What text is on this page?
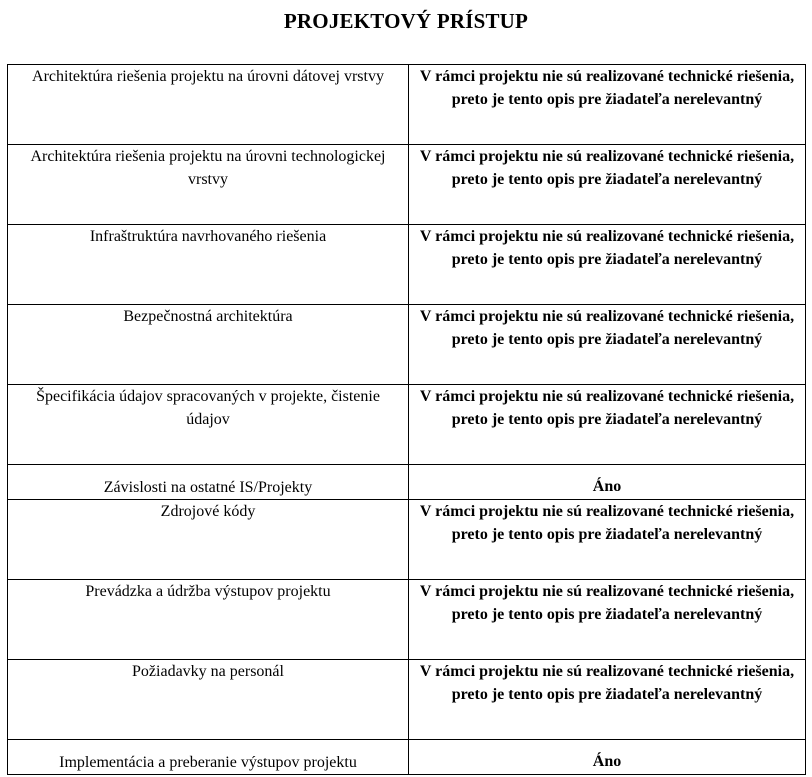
PROJEKTOVÝ PRÍSTUP
Architektúra riešenia projektu na úrovni dátovej vrstvy	V rámci projektu nie sú realizované technické riešenia, preto je tento opis pre žiadateľa nerelevantný
Architektúra riešenia projektu na úrovni technologickej vrstvy	V rámci projektu nie sú realizované technické riešenia, preto je tento opis pre žiadateľa nerelevantný
Infraštruktúra navrhovaného riešenia	V rámci projektu nie sú realizované technické riešenia, preto je tento opis pre žiadateľa nerelevantný
Bezpečnostná architektúra	V rámci projektu nie sú realizované technické riešenia, preto je tento opis pre žiadateľa nerelevantný
Špecifikácia údajov spracovaných v projekte, čistenie údajov	V rámci projektu nie sú realizované technické riešenia, preto je tento opis pre žiadateľa nerelevantný
Závislosti na ostatné IS/Projekty	Áno
Zdrojové kódy	V rámci projektu nie sú realizované technické riešenia, preto je tento opis pre žiadateľa nerelevantný
Prevádzka a údržba výstupov projektu	V rámci projektu nie sú realizované technické riešenia, preto je tento opis pre žiadateľa nerelevantný
Požiadavky na personál	V rámci projektu nie sú realizované technické riešenia, preto je tento opis pre žiadateľa nerelevantný
Implementácia a preberanie výstupov projektu	Áno
